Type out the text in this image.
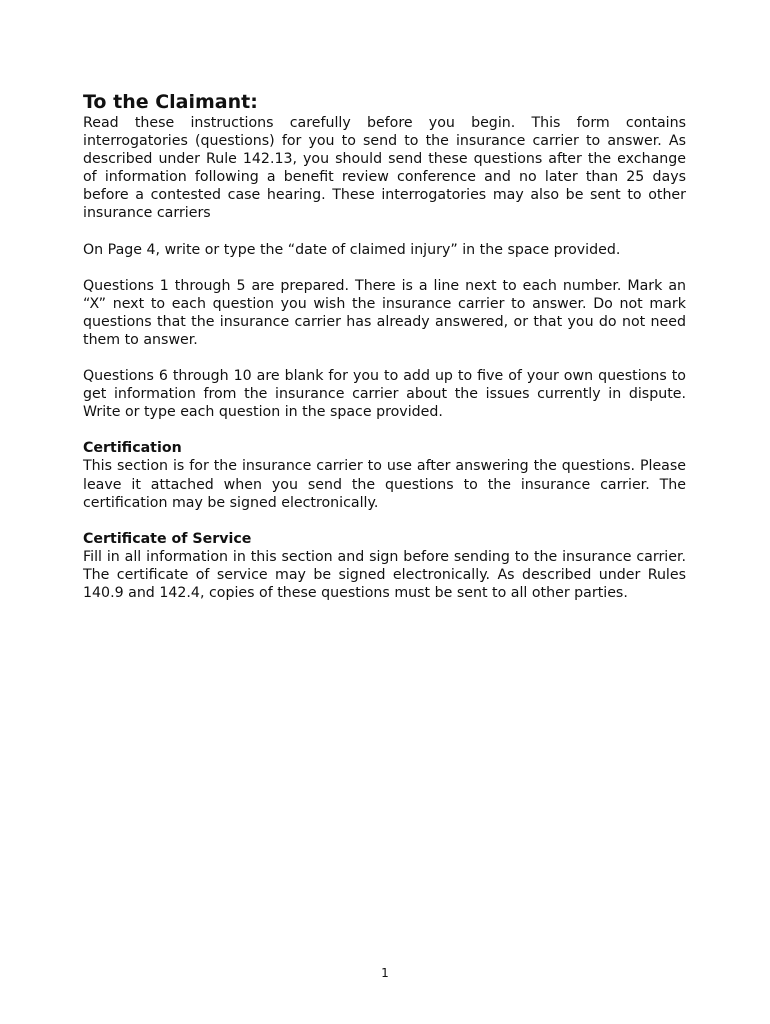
To the Claimant:

Read these instructions carefully before you begin. This form contains interrogatories (questions) for you to send to the insurance carrier to answer. As described under Rule 142.13, you should send these questions after the exchange of information following a benefit review conference and no later than 25 days before a contested case hearing. These interrogatories may also be sent to other insurance carriers

On Page 4, write or type the “date of claimed injury” in the space provided.

Questions 1 through 5 are prepared. There is a line next to each number. Mark an “X” next to each question you wish the insurance carrier to answer. Do not mark questions that the insurance carrier has already answered, or that you do not need them to answer.

Questions 6 through 10 are blank for you to add up to five of your own questions to get information from the insurance carrier about the issues currently in dispute. Write or type each question in the space provided.

Certification

This section is for the insurance carrier to use after answering the questions. Please leave it attached when you send the questions to the insurance carrier. The certification may be signed electronically.

Certificate of Service

Fill in all information in this section and sign before sending to the insurance carrier. The certificate of service may be signed electronically. As described under Rules 140.9 and 142.4, copies of these questions must be sent to all other parties.

1
